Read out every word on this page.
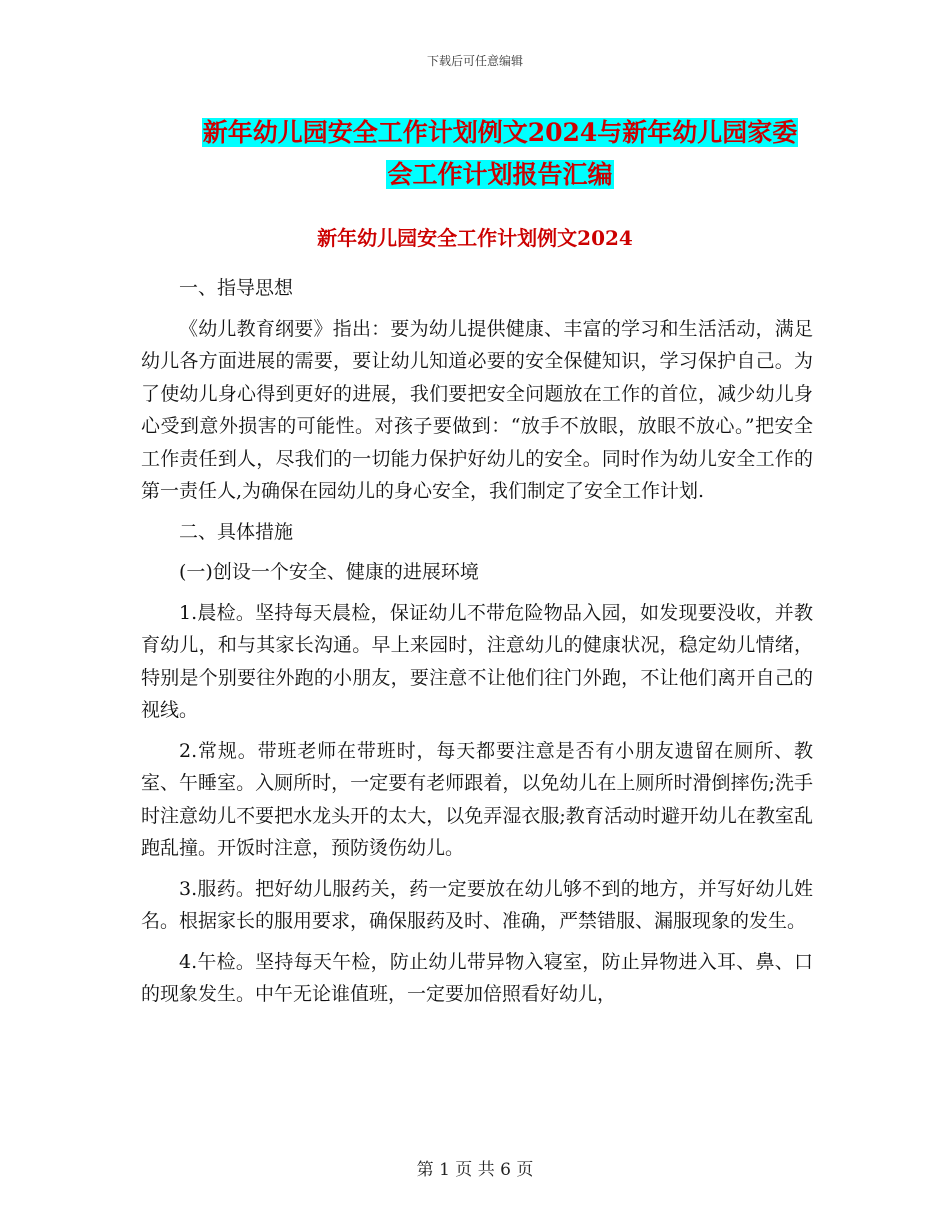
下载后可任意编辑
新年幼儿园安全工作计划例文2024与新年幼儿园家委
会工作计划报告汇编
新年幼儿园安全工作计划例文2024

一、指导思想

《幼儿教育纲要》指出：要为幼儿提供健康、丰富的学习和生活活动，满足幼儿各方面进展的需要，要让幼儿知道必要的安全保健知识，学习保护自己。为了使幼儿身心得到更好的进展，我们要把安全问题放在工作的首位，减少幼儿身心受到意外损害的可能性。对孩子要做到：“放手不放眼，放眼不放心。”把安全工作责任到人，尽我们的一切能力保护好幼儿的安全。同时作为幼儿安全工作的第一责任人,为确保在园幼儿的身心安全，我们制定了安全工作计划.

二、具体措施

(一)创设一个安全、健康的进展环境

1.晨检。坚持每天晨检，保证幼儿不带危险物品入园，如发现要没收，并教育幼儿，和与其家长沟通。早上来园时，注意幼儿的健康状况，稳定幼儿情绪，特别是个别要往外跑的小朋友，要注意不让他们往门外跑，不让他们离开自己的视线。

2.常规。带班老师在带班时，每天都要注意是否有小朋友遗留在厕所、教室、午睡室。入厕所时，一定要有老师跟着，以免幼儿在上厕所时滑倒摔伤;洗手时注意幼儿不要把水龙头开的太大，以免弄湿衣服;教育活动时避开幼儿在教室乱跑乱撞。开饭时注意，预防烫伤幼儿。

3.服药。把好幼儿服药关，药一定要放在幼儿够不到的地方，并写好幼儿姓名。根据家长的服用要求，确保服药及时、准确，严禁错服、漏服现象的发生。

4.午检。坚持每天午检，防止幼儿带异物入寝室，防止异物进入耳、鼻、口的现象发生。中午无论谁值班，一定要加倍照看好幼儿，

第 1 页 共 6 页
